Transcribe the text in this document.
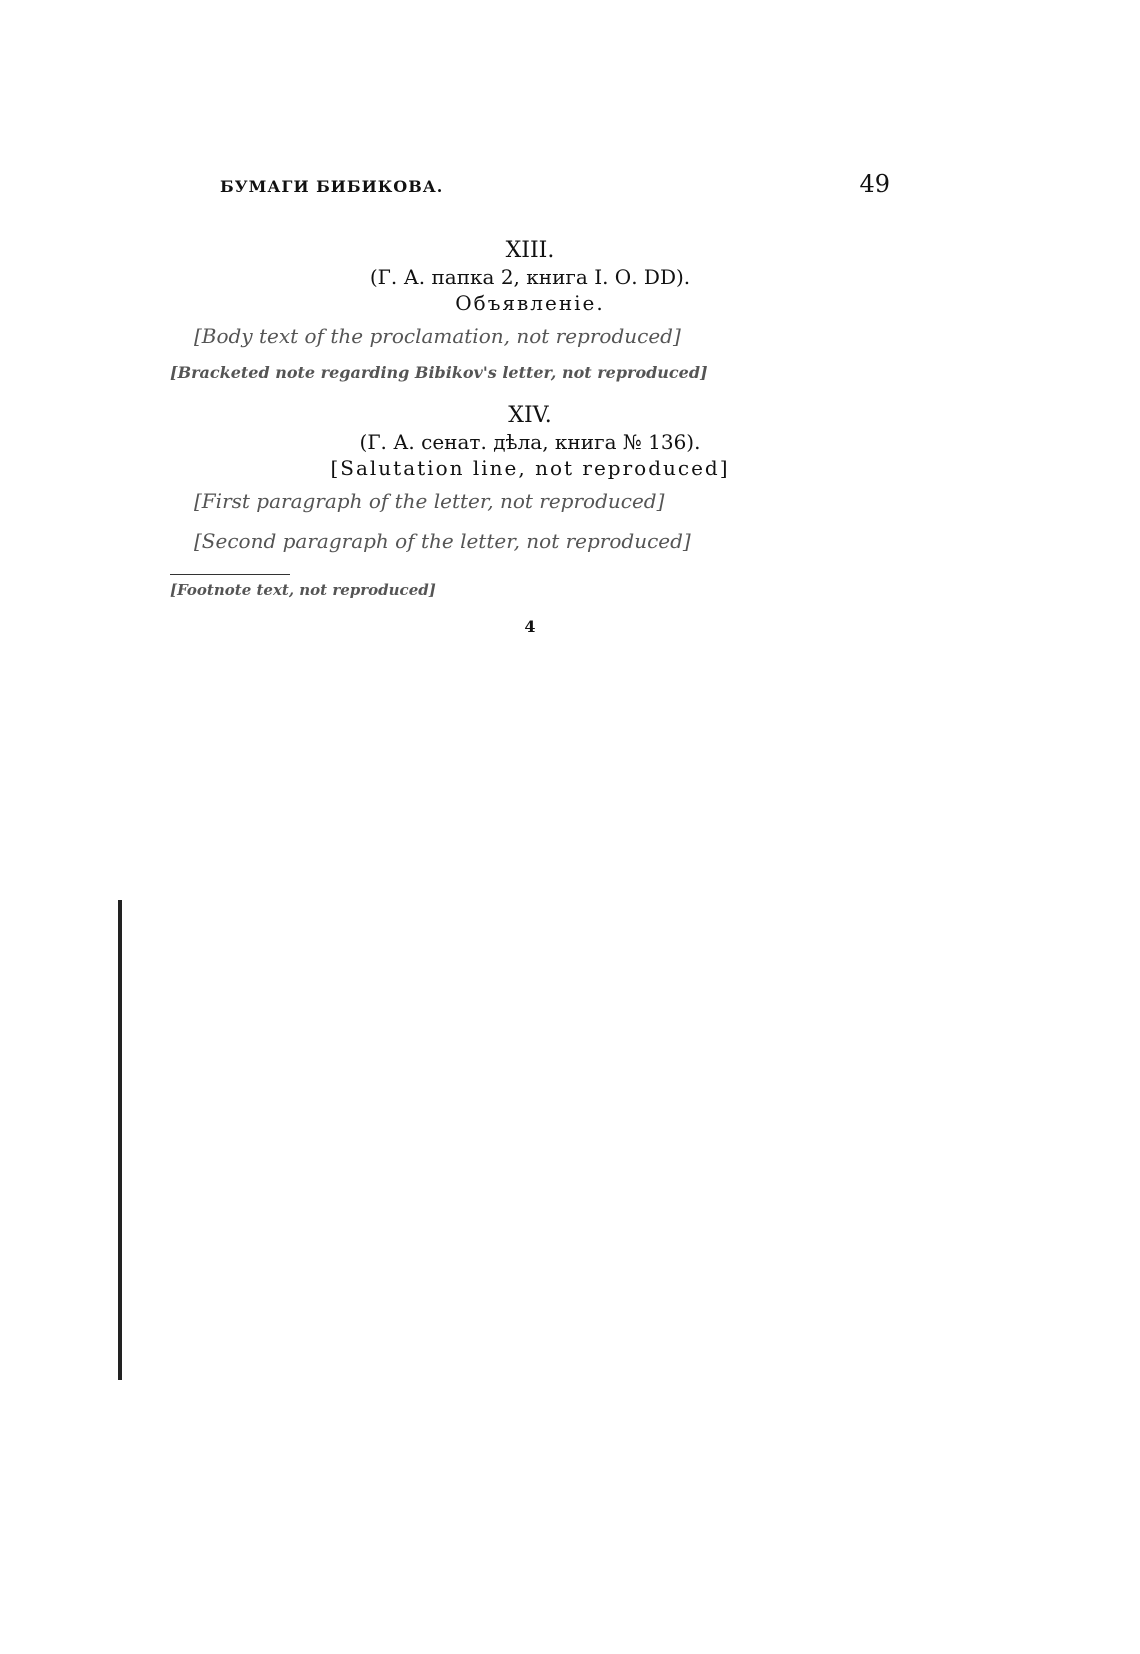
БУМАГИ БИБИКОВА.	49
XIII.
(Г. А. папка 2, книга I. О. DD).
Объявленіе.

[Body text of the proclamation, not reproduced]

[Bracketed note regarding Bibikov's letter, not reproduced]

XIV.
(Г. А. сенат. дѣла, книга № 136).
[Salutation line, not reproduced]

[First paragraph of the letter, not reproduced]

[Second paragraph of the letter, not reproduced]

[Footnote text, not reproduced]
4
